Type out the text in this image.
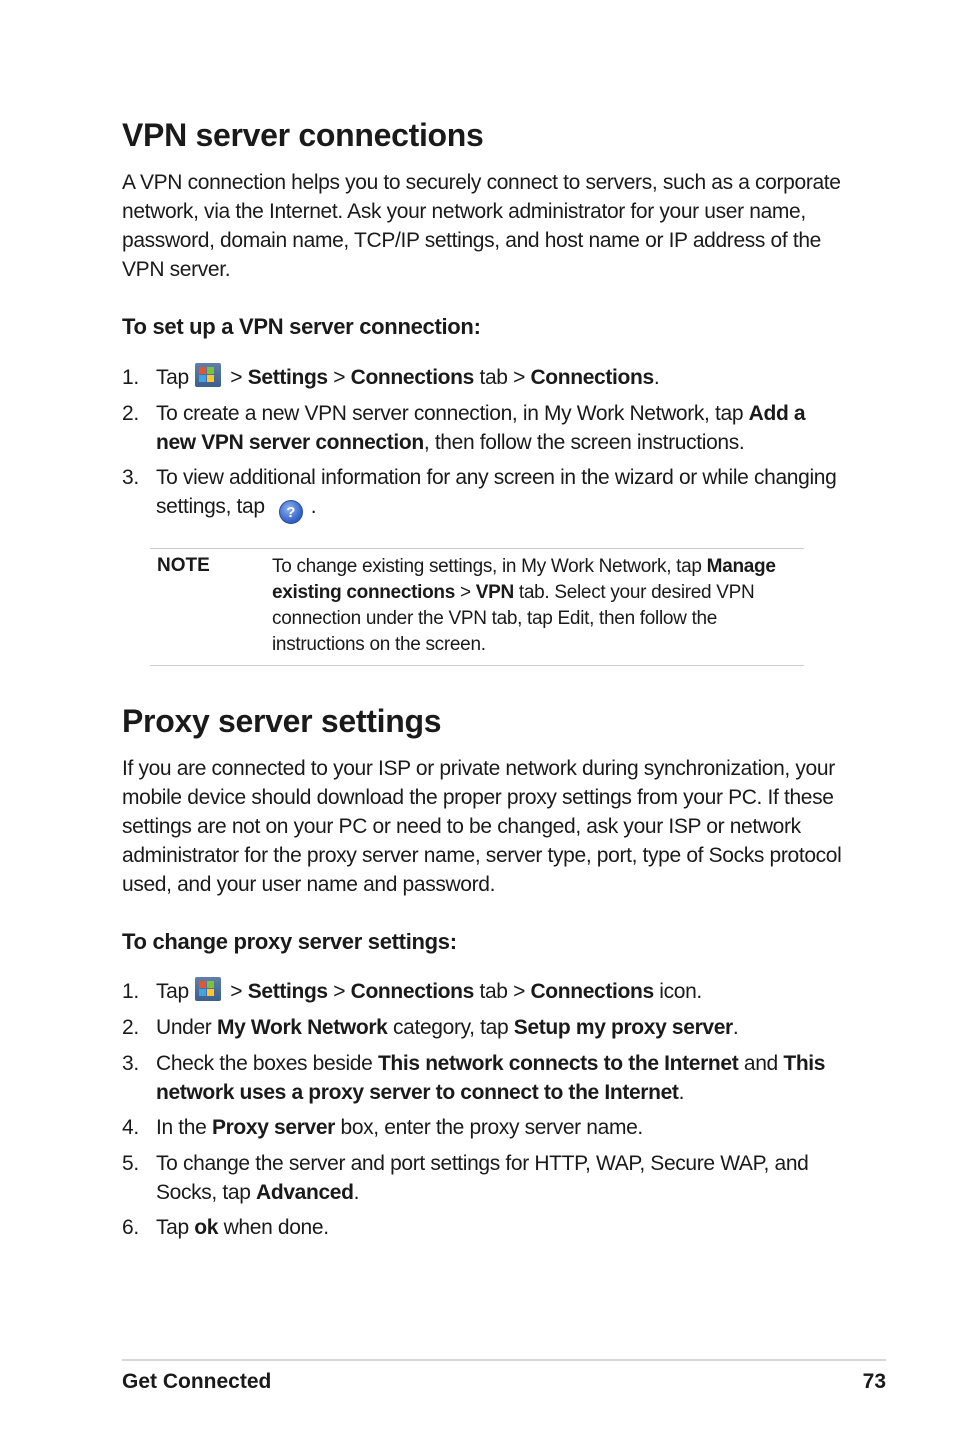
VPN server connections
A VPN connection helps you to securely connect to servers, such as a corporate network, via the Internet. Ask your network administrator for your user name, password, domain name, TCP/IP settings, and host name or IP address of the VPN server.
To set up a VPN server connection:
1. Tap
> Settings > Connections tab > Connections.
2. To create a new VPN server connection, in My Work Network, tap Add a new VPN server connection, then follow the screen instructions.
3. To view additional information for any screen in the wizard or while changing settings, tap ? .
NOTE	To change existing settings, in My Work Network, tap Manage existing connections > VPN tab. Select your desired VPN connection under the VPN tab, tap Edit, then follow the instructions on the screen.
Proxy server settings
If you are connected to your ISP or private network during synchronization, your mobile device should download the proper proxy settings from your PC. If these settings are not on your PC or need to be changed, ask your ISP or network administrator for the proxy server name, server type, port, type of Socks protocol used, and your user name and password.
To change proxy server settings:
1. Tap
> Settings > Connections tab > Connections icon.
2. Under My Work Network category, tap Setup my proxy server.
3. Check the boxes beside This network connects to the Internet and This network uses a proxy server to connect to the Internet.
4. In the Proxy server box, enter the proxy server name.
5. To change the server and port settings for HTTP, WAP, Secure WAP, and Socks, tap Advanced.
6. Tap ok when done.
Get Connected	73
